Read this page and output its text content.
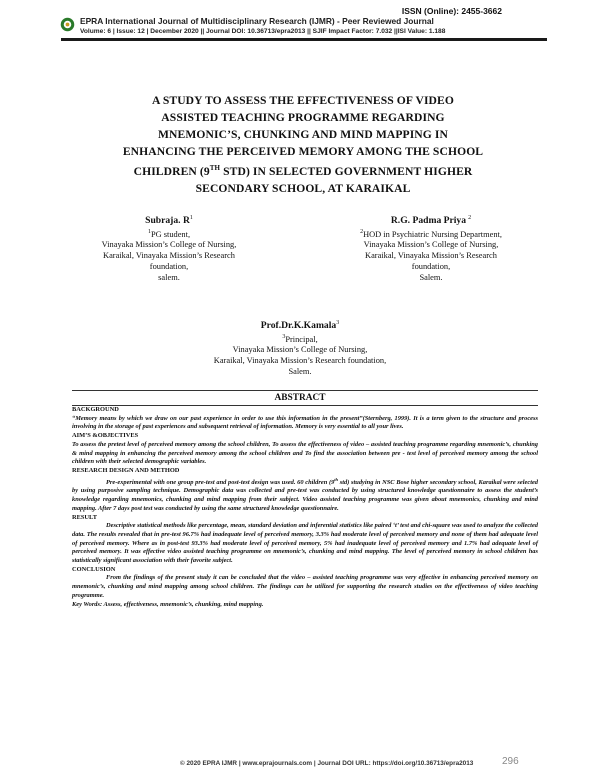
ISSN (Online): 2455-3662
EPRA International Journal of Multidisciplinary Research (IJMR) - Peer Reviewed Journal
Volume: 6 | Issue: 12 | December 2020 || Journal DOI: 10.36713/epra2013 || SJIF Impact Factor: 7.032 ||ISI Value: 1.188
A STUDY TO ASSESS THE EFFECTIVENESS OF VIDEO
ASSISTED TEACHING PROGRAMME REGARDING
MNEMONIC’S, CHUNKING AND MIND MAPPING IN
ENHANCING THE PERCEIVED MEMORY AMONG THE SCHOOL
CHILDREN (9TH STD) IN SELECTED GOVERNMENT HIGHER
SECONDARY SCHOOL, AT KARAIKAL
Subraja. $R^1$
$^1$PG student,
Vinayaka Mission’s College of Nursing,
Karaikal, Vinayaka Mission’s Research
foundation,
salem.
R.G. Padma Priya $^2$
$^2$HOD in Psychiatric Nursing Department,
Vinayaka Mission’s College of Nursing,
Karaikal, Vinayaka Mission’s Research
foundation,
Salem.
Prof.Dr.K.Kamala$^3$
$^3$Principal,
Vinayaka Mission’s College of Nursing,
Karaikal, Vinayaka Mission’s Research foundation,
Salem.
ABSTRACT

BACKGROUND

“Memory means by which we draw on our past experience in order to use this information in the present”(Sternberg, 1999). It is a term given to the structure and process involving in the storage of past experiences and subsequent retrieval of information. Memory is very essential to all your lives.

AIM’S &OBJECTIVES

To assess the pretest level of perceived memory among the school children, To assess the effectiveness of video – assisted teaching programme regarding mnemonic’s, chunking & mind mapping in enhancing the perceived memory among the school children and To find the association between pre - test level of perceived memory among the school children with their selected demographic variables.

RESEARCH DESIGN AND METHOD

Pre-experimental with one group pre-test and post-test design was used. 60 children (9th std) studying in NSC Bose higher secondary school, Karaikal were selected by using purposive sampling technique. Demographic data was collected and pre-test was conducted by using structured knowledge questionnaire to assess the student’s knowledge regarding mnemonics, chunking and mind mapping from their subject. Video assisted teaching programme was given about mnemonics, chunking and mind mapping. After 7 days post test was conducted by using the same structured knowledge questionnaire.

RESULT

Descriptive statistical methods like percentage, mean, standard deviation and inferential statistics like paired ‘t’ test and chi-square was used to analyze the collected data. The results revealed that in pre-test 96.7% had inadequate level of perceived memory, 3.3% had moderate level of perceived memory and none of them had adequate level of perceived memory. Where as in post-test 93.3% had moderate level of perceived memory, 5% had inadequate level of perceived memory and 1.7% had adequate level of perceived memory. It was effective video assisted teaching programme on mnemonic’s, chunking and mind mapping. The level of perceived memory in school children has statistically significant association with their favorite subject.

CONCLUSION

From the findings of the present study it can be concluded that the video – assisted teaching programme was very effective in enhancing perceived memory on mnemonic’s, chunking and mind mapping among school children. The findings can be utilized for supporting the research studies on the effectiveness of video teaching programme.

Key Words: Assess, effectiveness, mnemonic’s, chunking, mind mapping.

© 2020 EPRA IJMR | www.eprajournals.com | Journal DOI URL: https://doi.org/10.36713/epra2013	296
